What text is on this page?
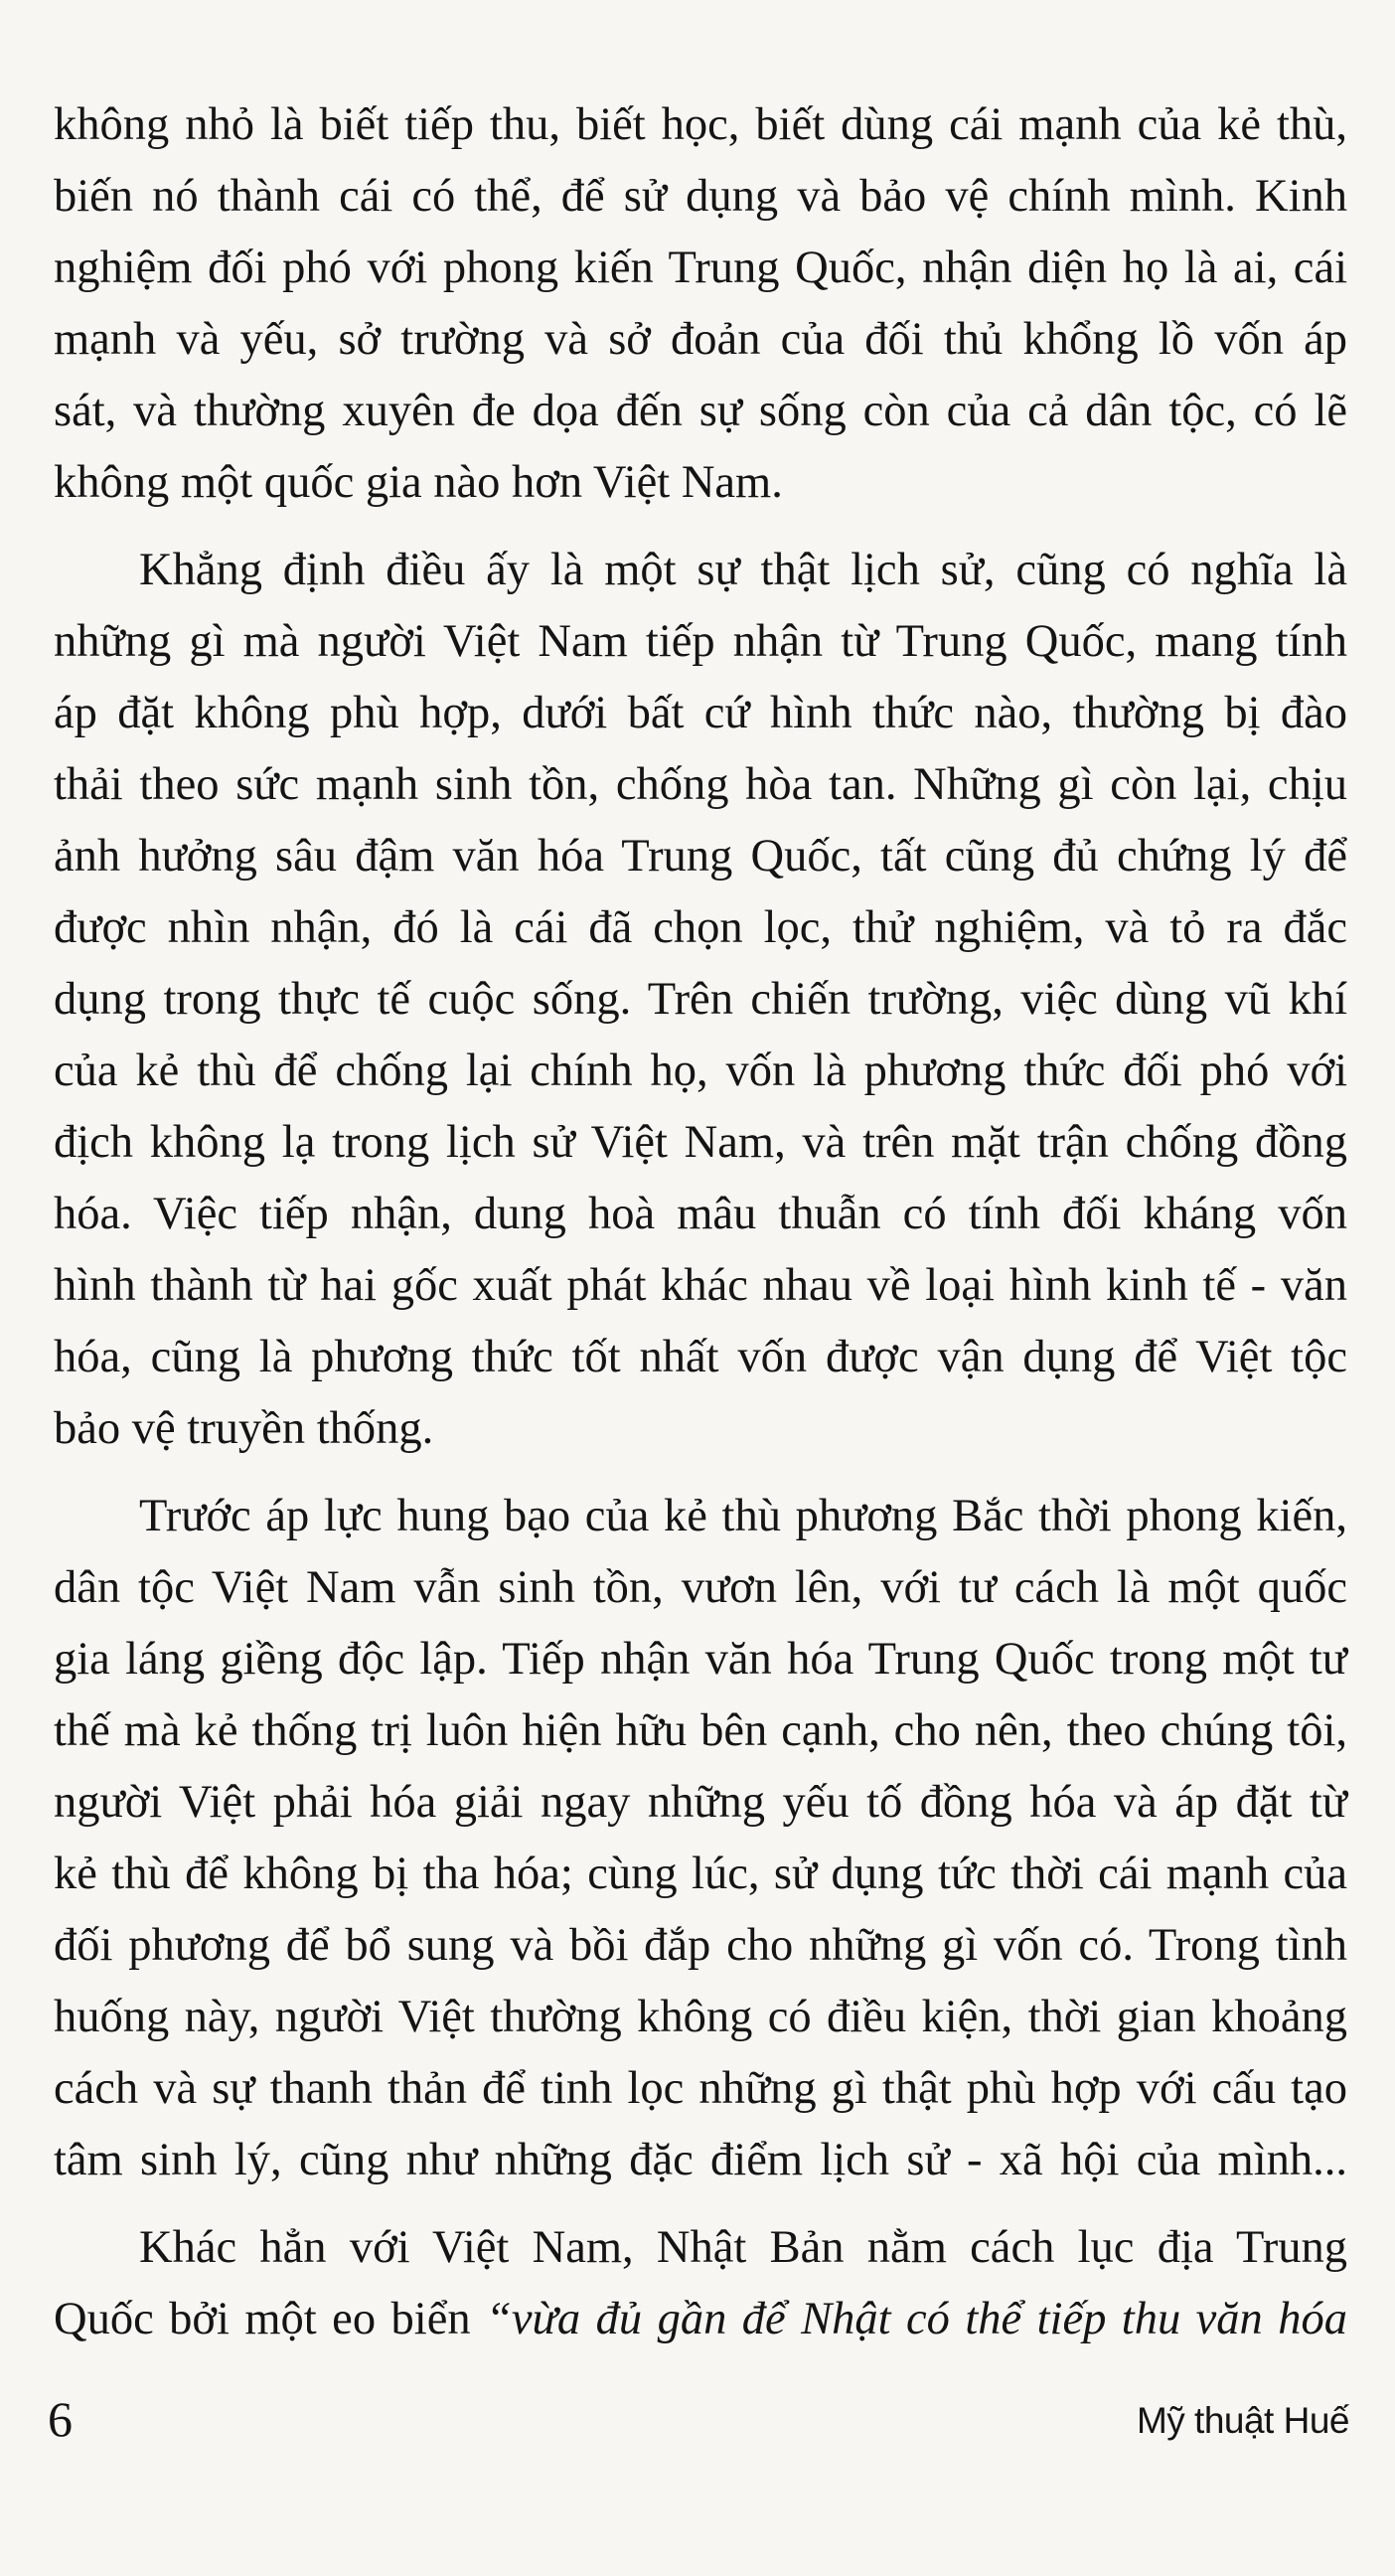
không nhỏ là biết tiếp thu, biết học, biết dùng cái mạnh của kẻ thù,
biến nó thành cái có thể, để sử dụng và bảo vệ chính mình. Kinh
nghiệm đối phó với phong kiến Trung Quốc, nhận diện họ là ai, cái
mạnh và yếu, sở trường và sở đoản của đối thủ khổng lồ vốn áp
sát, và thường xuyên đe dọa đến sự sống còn của cả dân tộc, có lẽ
không một quốc gia nào hơn Việt Nam.
Khẳng định điều ấy là một sự thật lịch sử, cũng có nghĩa là
những gì mà người Việt Nam tiếp nhận từ Trung Quốc, mang tính
áp đặt không phù hợp, dưới bất cứ hình thức nào, thường bị đào
thải theo sức mạnh sinh tồn, chống hòa tan. Những gì còn lại, chịu
ảnh hưởng sâu đậm văn hóa Trung Quốc, tất cũng đủ chứng lý để
được nhìn nhận, đó là cái đã chọn lọc, thử nghiệm, và tỏ ra đắc
dụng trong thực tế cuộc sống. Trên chiến trường, việc dùng vũ khí
của kẻ thù để chống lại chính họ, vốn là phương thức đối phó với
địch không lạ trong lịch sử Việt Nam, và trên mặt trận chống đồng
hóa. Việc tiếp nhận, dung hoà mâu thuẫn có tính đối kháng vốn
hình thành từ hai gốc xuất phát khác nhau về loại hình kinh tế - văn
hóa, cũng là phương thức tốt nhất vốn được vận dụng để Việt tộc
bảo vệ truyền thống.
Trước áp lực hung bạo của kẻ thù phương Bắc thời phong kiến,
dân tộc Việt Nam vẫn sinh tồn, vươn lên, với tư cách là một quốc
gia láng giềng độc lập. Tiếp nhận văn hóa Trung Quốc trong một tư
thế mà kẻ thống trị luôn hiện hữu bên cạnh, cho nên, theo chúng tôi,
người Việt phải hóa giải ngay những yếu tố đồng hóa và áp đặt từ
kẻ thù để không bị tha hóa; cùng lúc, sử dụng tức thời cái mạnh của
đối phương để bổ sung và bồi đắp cho những gì vốn có. Trong tình
huống này, người Việt thường không có điều kiện, thời gian khoảng
cách và sự thanh thản để tinh lọc những gì thật phù hợp với cấu tạo
tâm sinh lý, cũng như những đặc điểm lịch sử - xã hội của mình...
Khác hẳn với Việt Nam, Nhật Bản nằm cách lục địa Trung
Quốc bởi một eo biển “vừa đủ gần để Nhật có thể tiếp thu văn hóa
6	Mỹ thuật Huế
